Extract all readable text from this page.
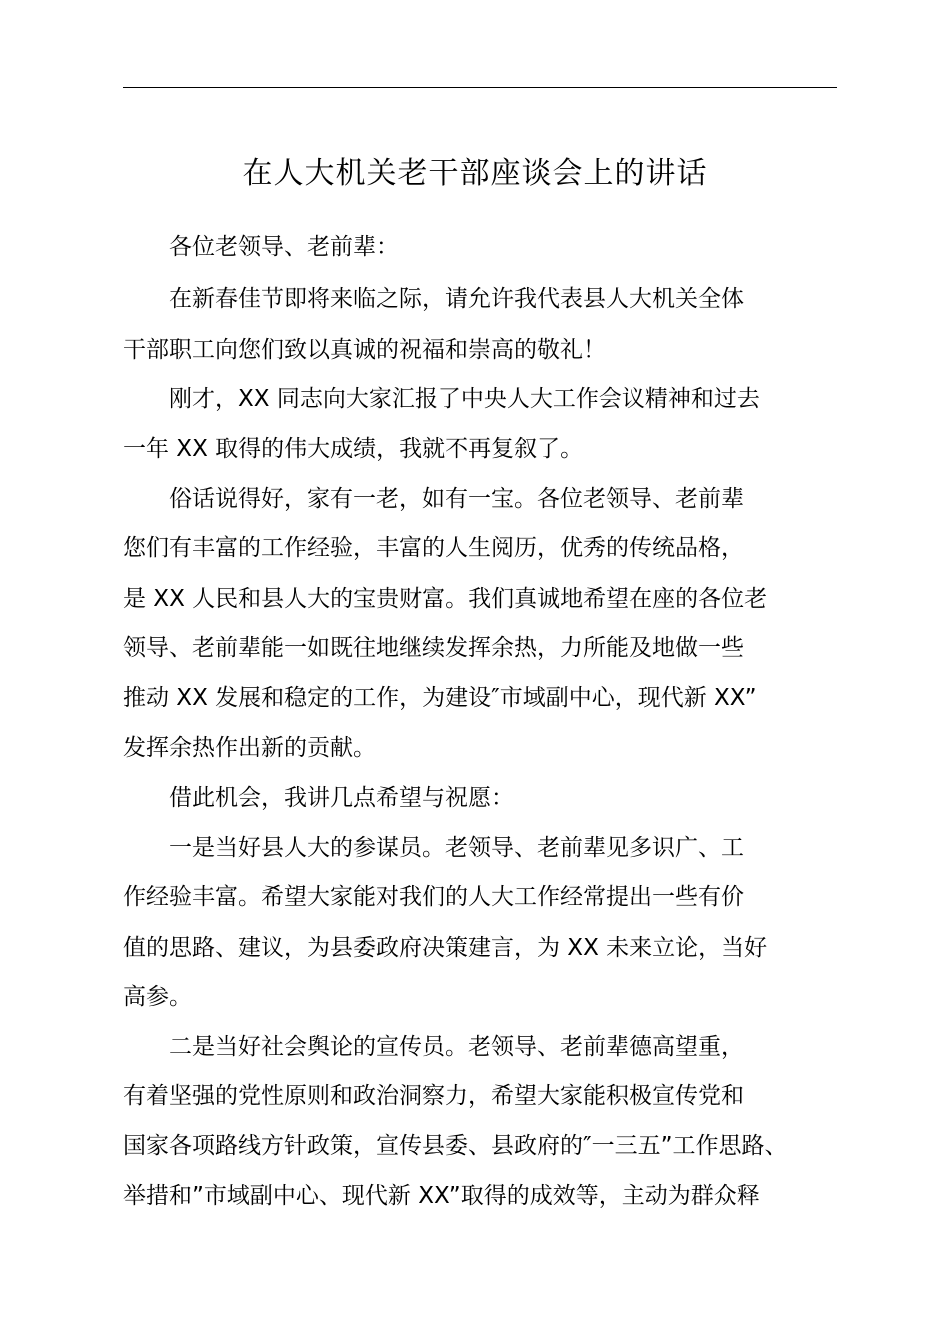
在人大机关老干部座谈会上的讲话
　　各位老领导、老前辈：
　　在新春佳节即将来临之际，请允许我代表县人大机关全体
干部职工向您们致以真诚的祝福和崇高的敬礼！
　　刚才，XX 同志向大家汇报了中央人大工作会议精神和过去
一年 XX 取得的伟大成绩，我就不再复叙了。
　　俗话说得好，家有一老，如有一宝。各位老领导、老前辈
您们有丰富的工作经验，丰富的人生阅历，优秀的传统品格，
是 XX 人民和县人大的宝贵财富。我们真诚地希望在座的各位老
领导、老前辈能一如既往地继续发挥余热，力所能及地做一些
推动 XX 发展和稳定的工作，为建设″市域副中心，现代新 XX”
发挥余热作出新的贡献。
　　借此机会，我讲几点希望与祝愿：
　　一是当好县人大的参谋员。老领导、老前辈见多识广、工
作经验丰富。希望大家能对我们的人大工作经常提出一些有价
值的思路、建议，为县委政府决策建言，为 XX 未来立论，当好
高参。
　　二是当好社会舆论的宣传员。老领导、老前辈德高望重，
有着坚强的党性原则和政治洞察力，希望大家能积极宣传党和
国家各项路线方针政策，宣传县委、县政府的″一三五”工作思路、
举措和”市域副中心、现代新 XX”取得的成效等，主动为群众释
